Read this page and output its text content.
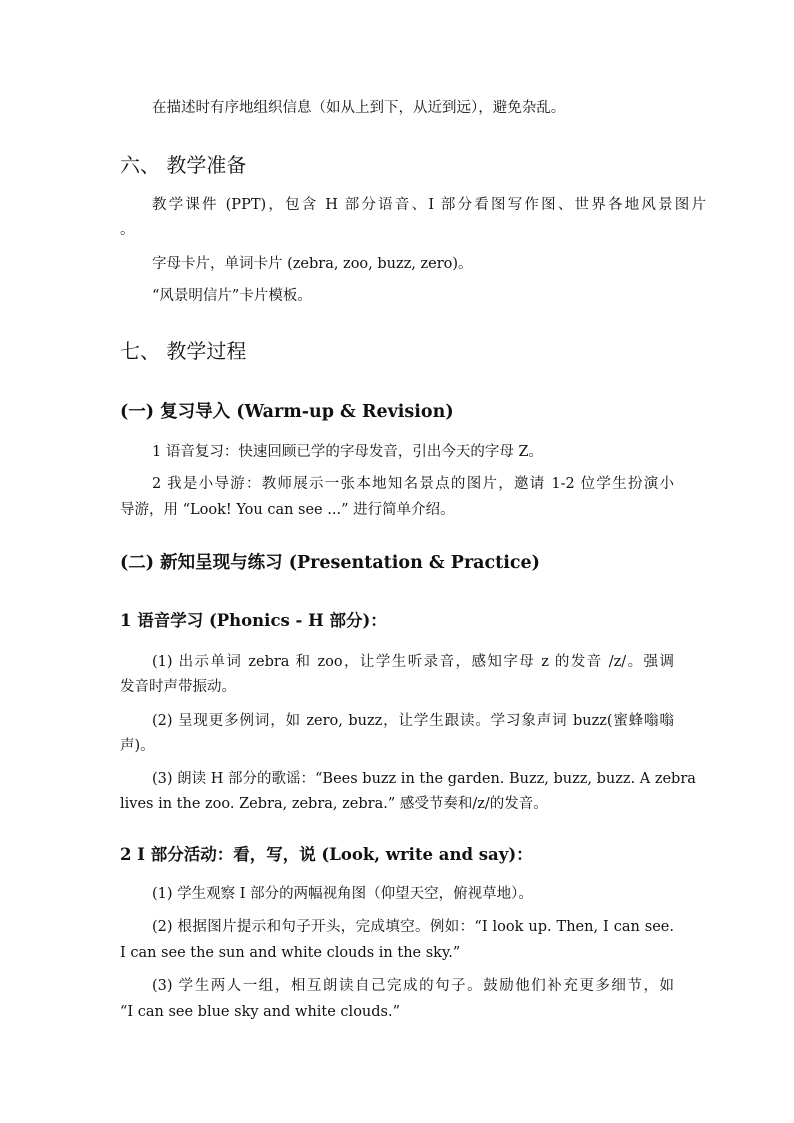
在描述时有序地组织信息（如从上到下，从近到远），避免杂乱。
六、 教学准备
教学课件 (PPT)，包含 H 部分语音、I 部分看图写作图、世界各地风景图片
。
字母卡片，单词卡片 (zebra, zoo, buzz, zero)。
“风景明信片”卡片模板。
七、 教学过程
(一) 复习导入 (Warm-up & Revision)
1 语音复习：快速回顾已学的字母发音，引出今天的字母 Z。
2 我是小导游：教师展示一张本地知名景点的图片，邀请 1-2 位学生扮演小
导游，用 “Look! You can see ...” 进行简单介绍。
(二) 新知呈现与练习 (Presentation & Practice)
1 语音学习 (Phonics - H 部分)：
(1) 出示单词 zebra 和 zoo，让学生听录音，感知字母 z 的发音 /z/。强调
发音时声带振动。
(2) 呈现更多例词，如 zero, buzz，让学生跟读。学习象声词 buzz(蜜蜂嗡嗡
声)。
(3) 朗读 H 部分的歌谣：“Bees buzz in the garden. Buzz, buzz, buzz. A zebra
lives in the zoo. Zebra, zebra, zebra.” 感受节奏和/z/的发音。
2 I 部分活动：看，写，说 (Look, write and say)：
(1) 学生观察 I 部分的两幅视角图（仰望天空，俯视草地）。
(2) 根据图片提示和句子开头，完成填空。例如：“I look up. Then, I can see.
I can see the sun and white clouds in the sky.”
(3) 学生两人一组，相互朗读自己完成的句子。鼓励他们补充更多细节，如
“I can see blue sky and white clouds.”
